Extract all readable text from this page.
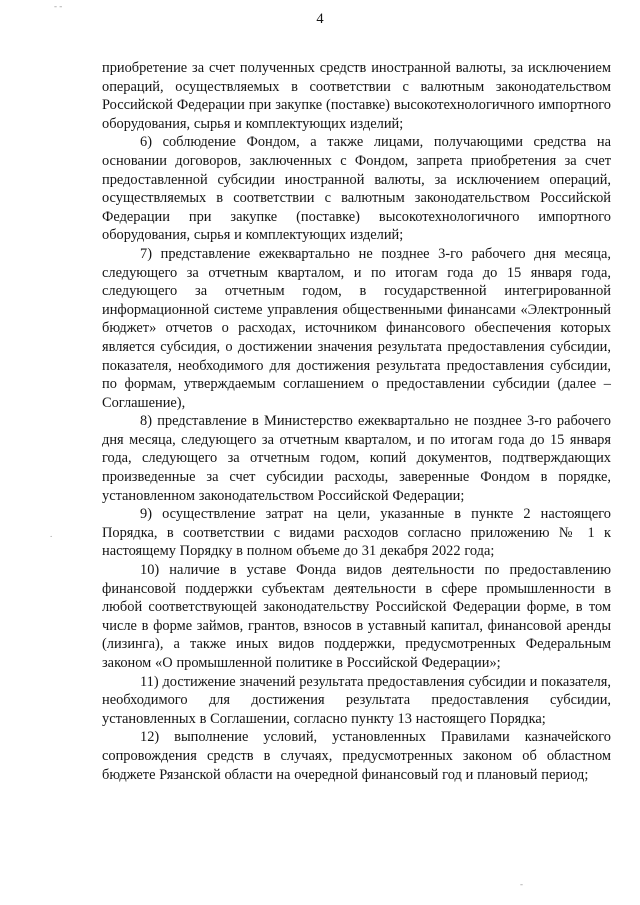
- -
.
-

4

приобретение за счет полученных средств иностранной валюты, за исключением операций, осуществляемых в соответствии с валютным законодательством Российской Федерации при закупке (поставке) высокотехнологичного импортного оборудования, сырья и комплектующих изделий;

6) соблюдение Фондом, а также лицами, получающими средства на основании договоров, заключенных с Фондом, запрета приобретения за счет предоставленной субсидии иностранной валюты, за исключением операций, осуществляемых в соответствии с валютным законодательством Российской Федерации при закупке (поставке) высокотехнологичного импортного оборудования, сырья и комплектующих изделий;

7) представление ежеквартально не позднее 3-го рабочего дня месяца, следующего за отчетным кварталом, и по итогам года до 15 января года, следующего за отчетным годом, в государственной интегрированной информационной системе управления общественными финансами «Электронный бюджет» отчетов о расходах, источником финансового обеспечения которых является субсидия, о достижении значения результата предоставления субсидии, показателя, необходимого для достижения результата предоставления субсидии, по формам, утверждаемым соглашением о предоставлении субсидии (далее – Соглашение),

8) представление в Министерство ежеквартально не позднее 3-го рабочего дня месяца, следующего за отчетным кварталом, и по итогам года до 15 января года, следующего за отчетным годом, копий документов, подтверждающих произведенные за счет субсидии расходы, заверенные Фондом в порядке, установленном законодательством Российской Федерации;

9) осуществление затрат на цели, указанные в пункте 2 настоящего Порядка, в соответствии с видами расходов согласно приложению № 1 к настоящему Порядку в полном объеме до 31 декабря 2022 года;

10) наличие в уставе Фонда видов деятельности по предоставлению финансовой поддержки субъектам деятельности в сфере промышленности в любой соответствующей законодательству Российской Федерации форме, в том числе в форме займов, грантов, взносов в уставный капитал, финансовой аренды (лизинга), а также иных видов поддержки, предусмотренных Федеральным законом «О промышленной политике в Российской Федерации»;

11) достижение значений результата предоставления субсидии и показателя, необходимого для достижения результата предоставления субсидии, установленных в Соглашении, согласно пункту 13 настоящего Порядка;

12) выполнение условий, установленных Правилами казначейского сопровождения средств в случаях, предусмотренных законом об областном бюджете Рязанской области на очередной финансовый год и плановый период;
